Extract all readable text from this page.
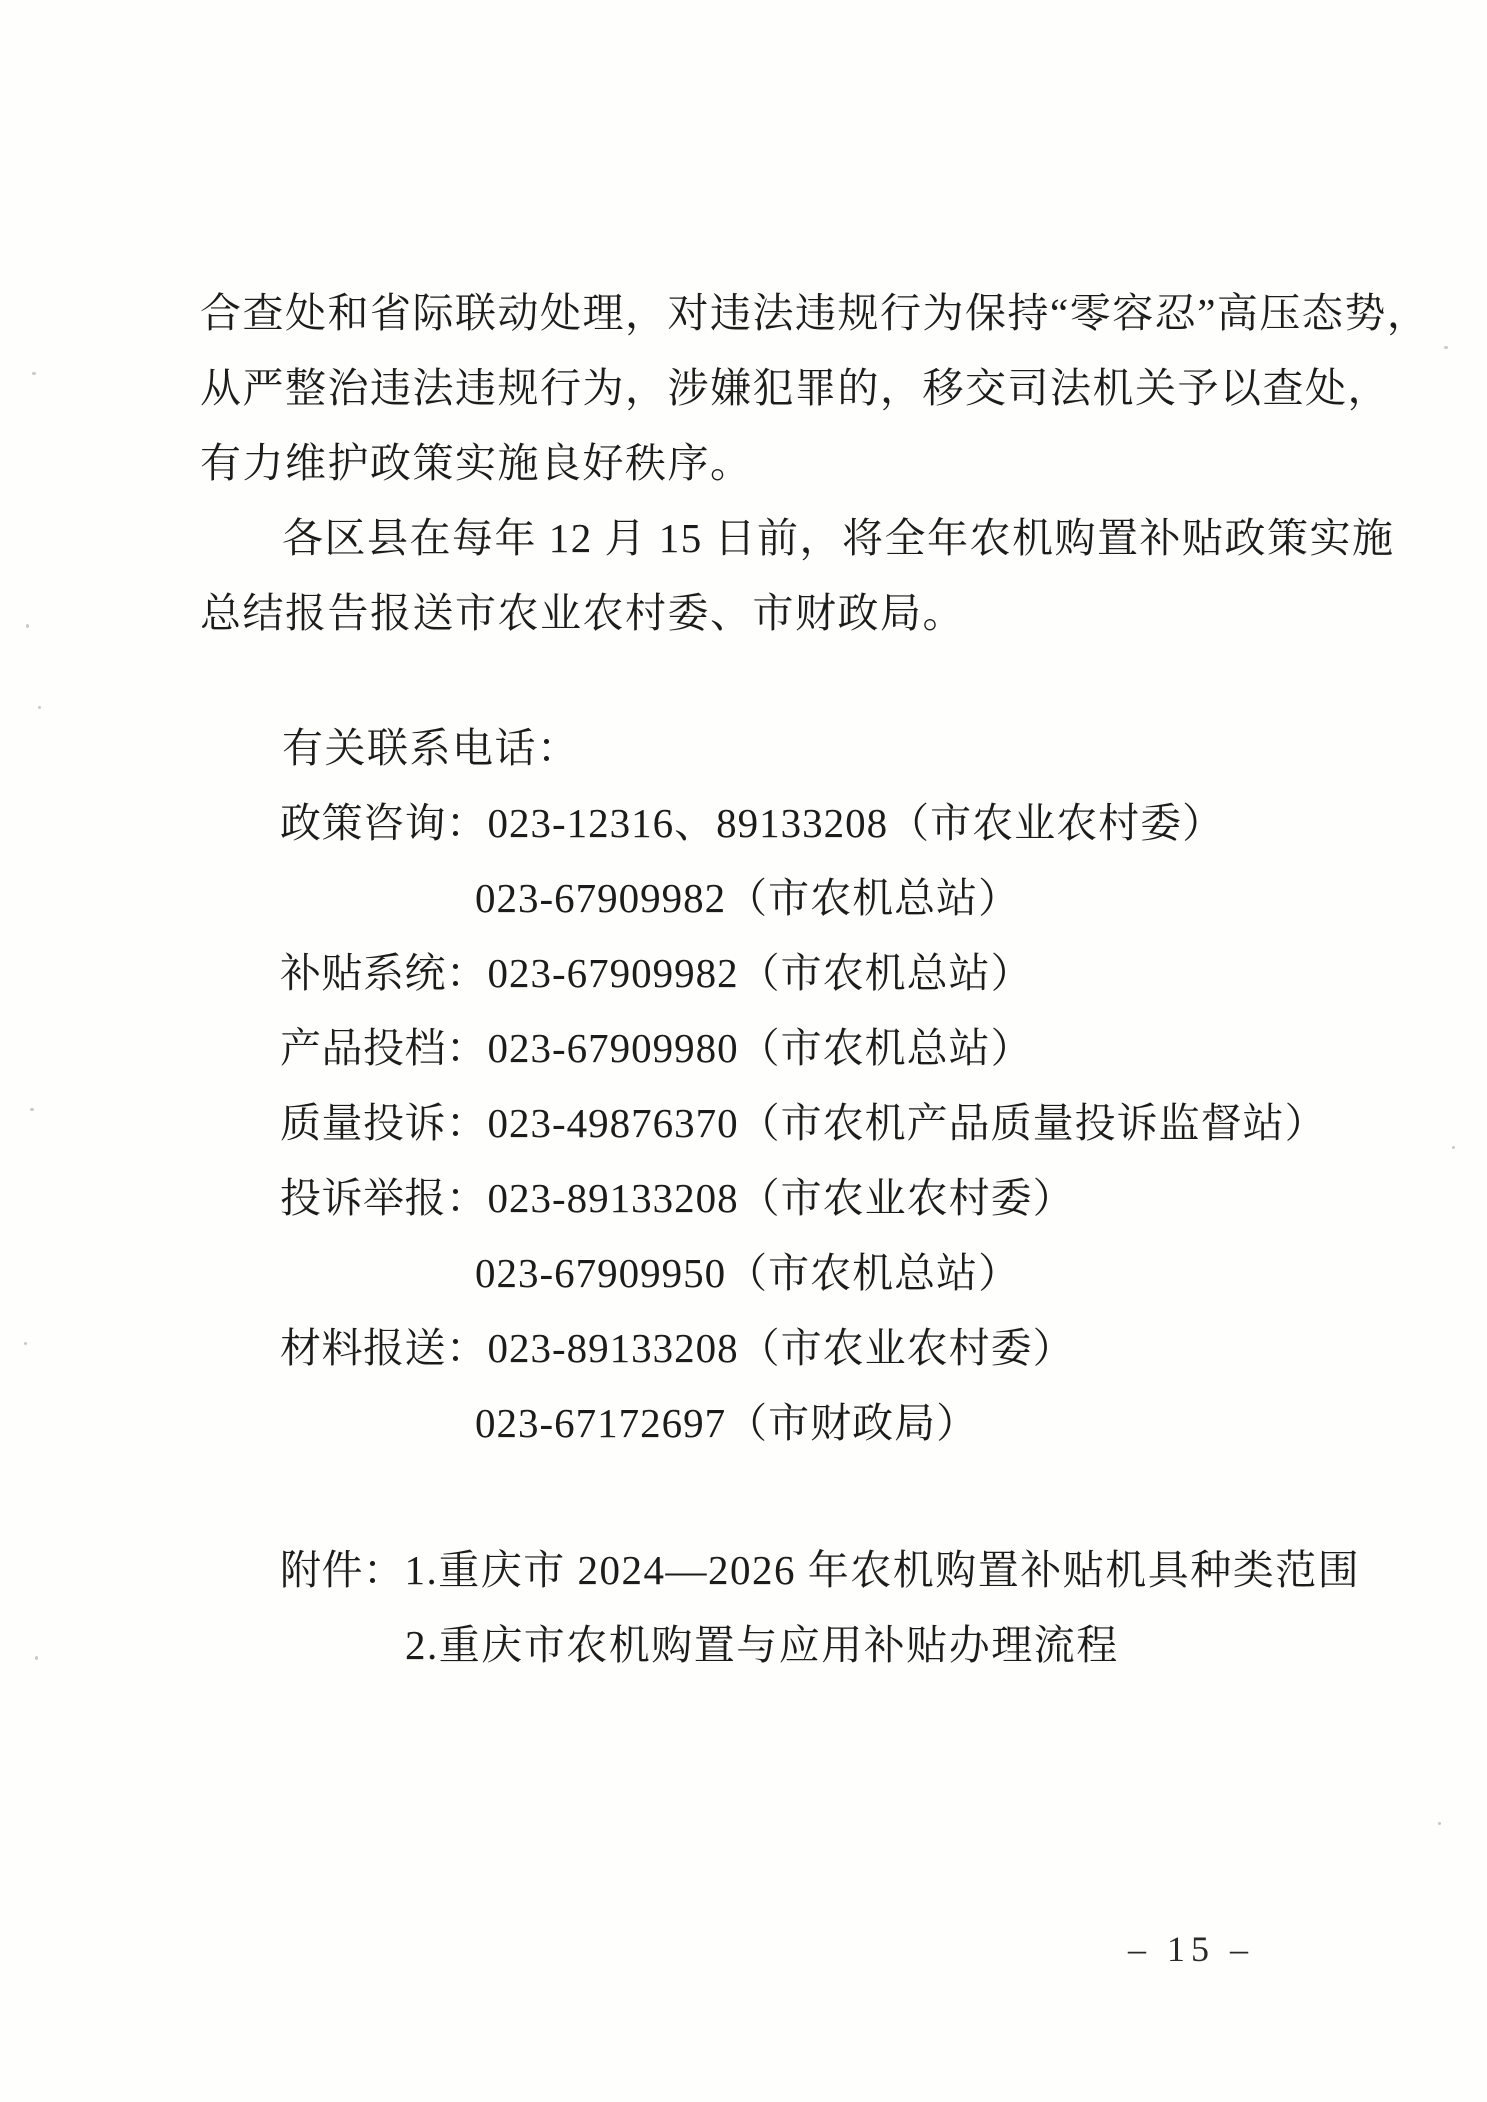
合查处和省际联动处理，对违法违规行为保持“零容忍”高压态势，

从严整治违法违规行为，涉嫌犯罪的，移交司法机关予以查处，

有力维护政策实施良好秩序。

各区县在每年 12 月 15 日前，将全年农机购置补贴政策实施

总结报告报送市农业农村委、市财政局。

有关联系电话：

政策咨询： 023-12316、89133208（市农业农村委）

023-67909982（市农机总站）

补贴系统： 023-67909982（市农机总站）

产品投档： 023-67909980（市农机总站）

质量投诉： 023-49876370（市农机产品质量投诉监督站）

投诉举报： 023-89133208（市农业农村委）

023-67909950（市农机总站）

材料报送： 023-89133208（市农业农村委）

023-67172697（市财政局）

附件： 1.重庆市 2024—2026 年农机购置补贴机具种类范围

2.重庆市农机购置与应用补贴办理流程

– 15 –
